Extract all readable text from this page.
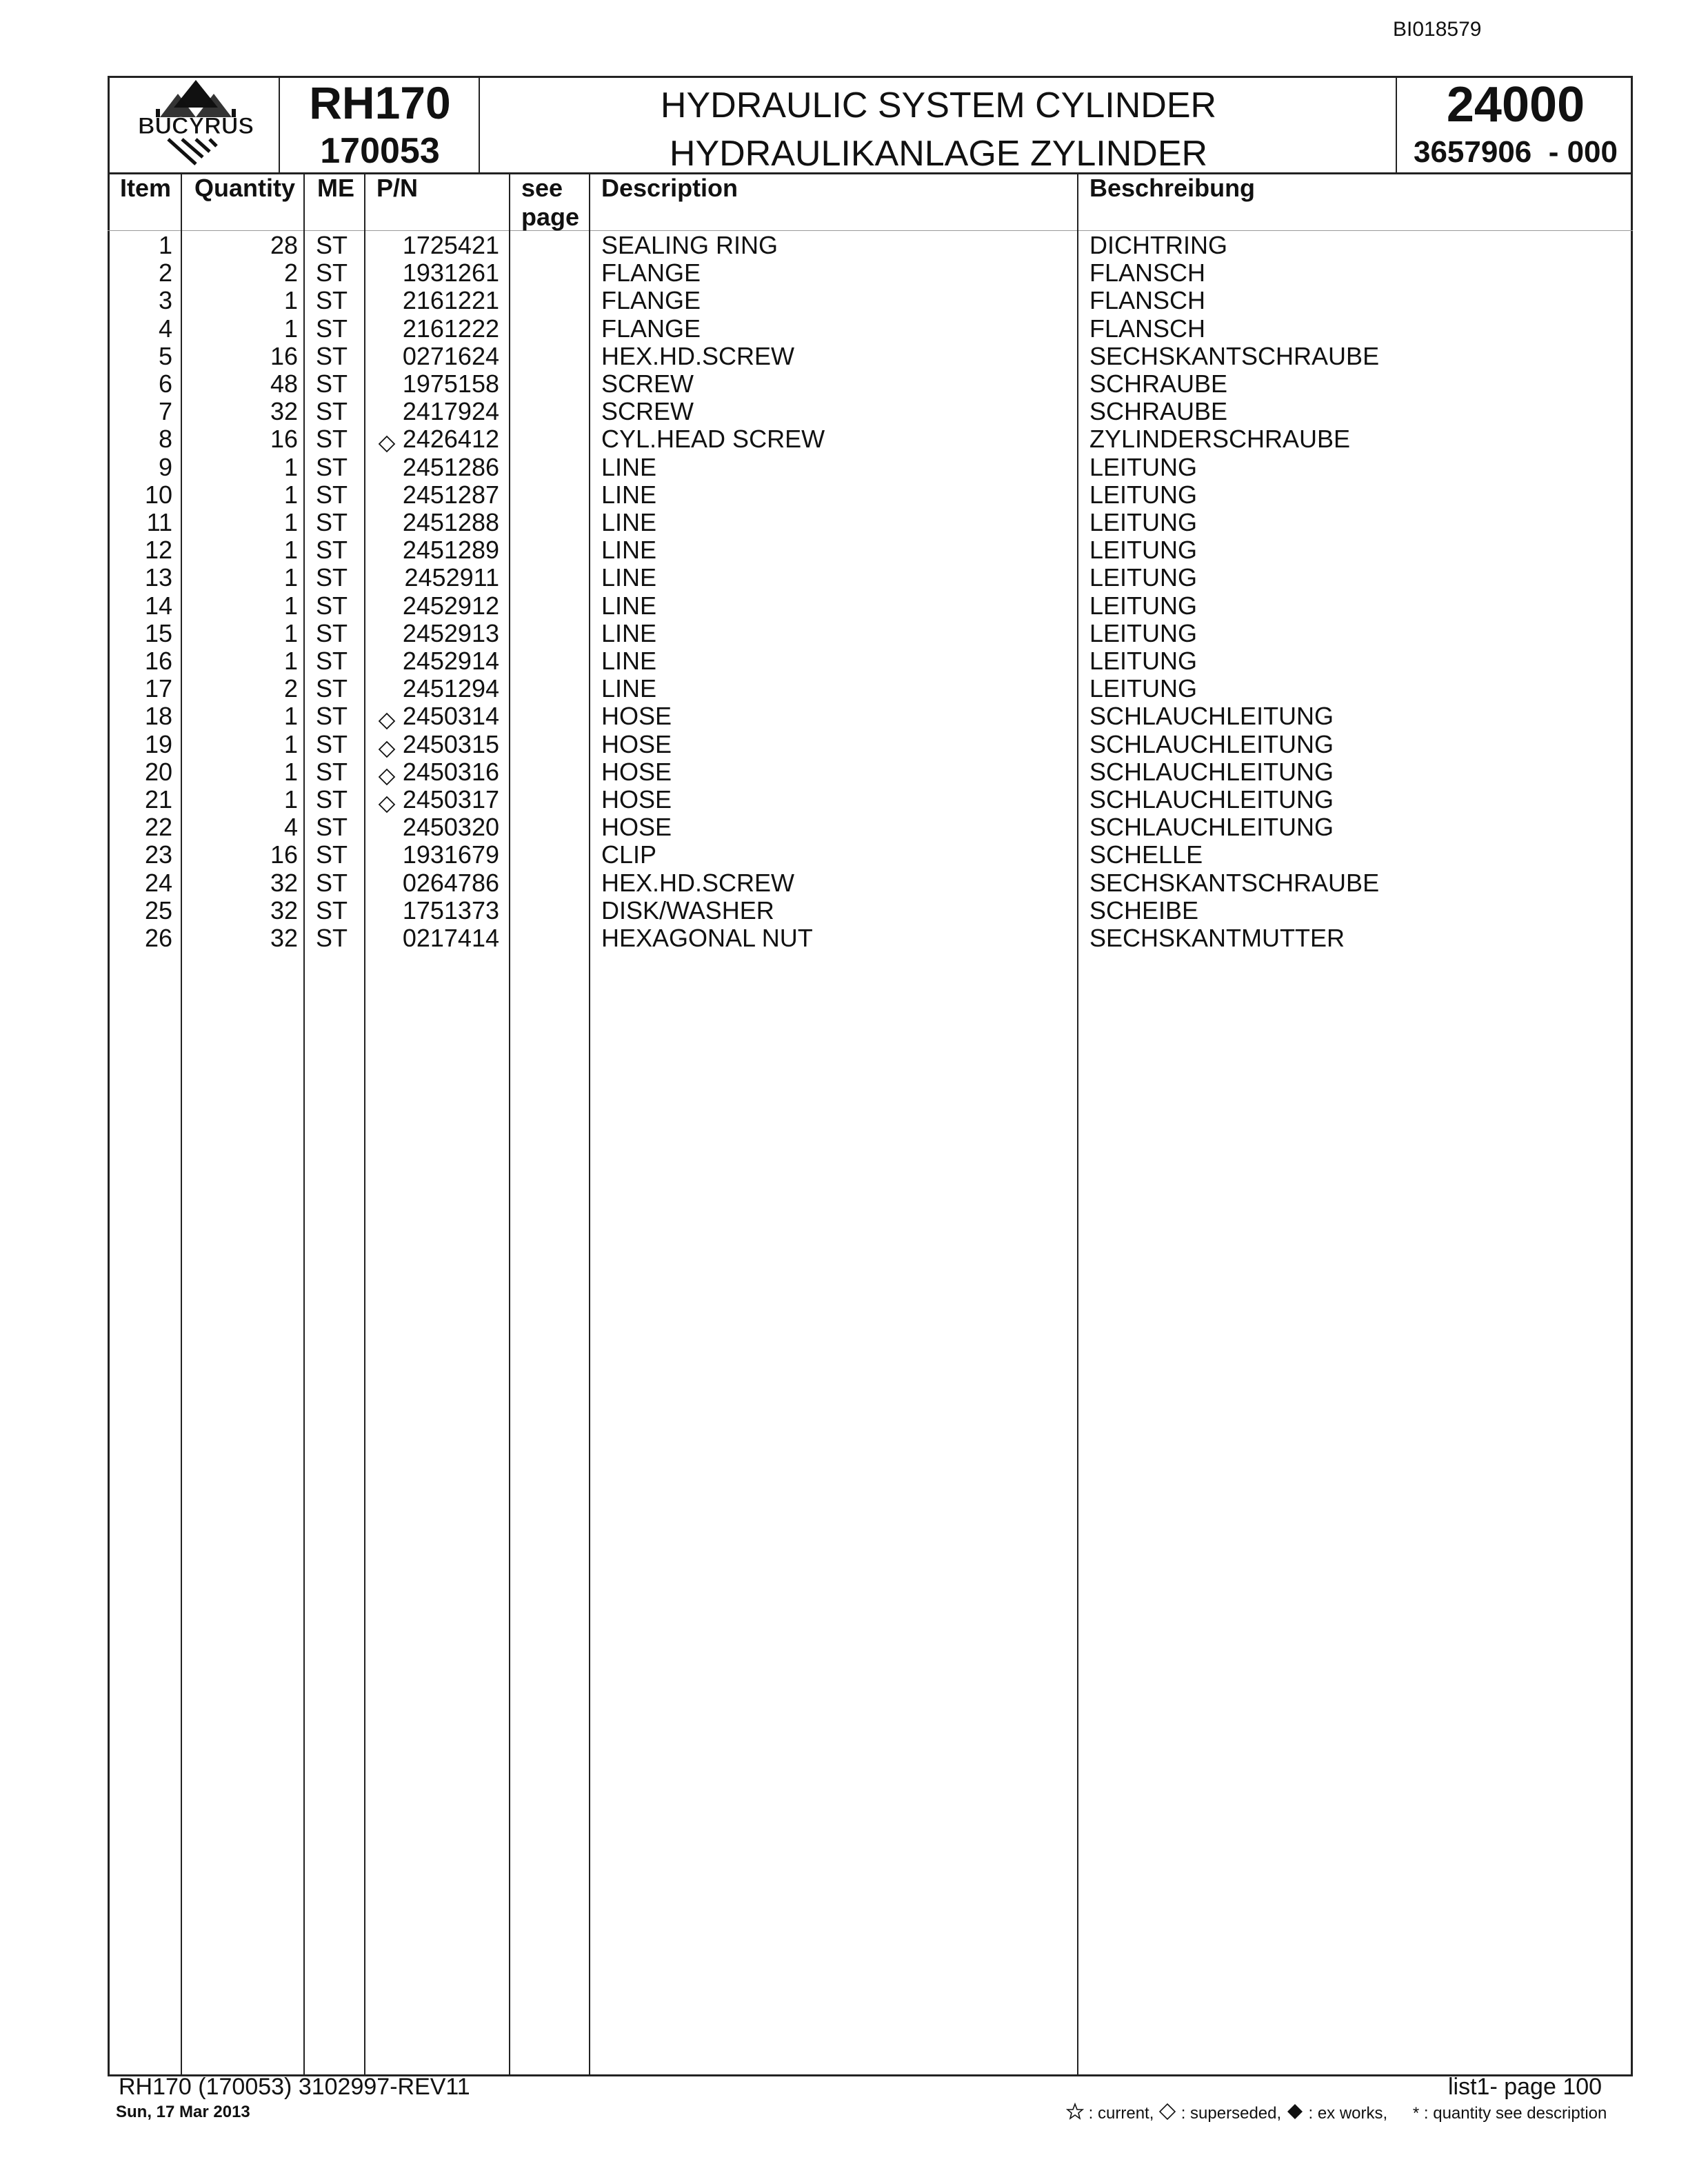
BI018579
BUCYRUS	RH170
170053
HYDRAULIC SYSTEM CYLINDER
HYDRAULIKANLAGE ZYLINDER
24000
3657906  - 000
Item Quantity ME P/N	see
page
Description	Beschreibung
1	28 ST	1725421	SEALING RING	DICHTRING
2	2 ST	1931261	FLANGE	FLANSCH
3	1 ST	2161221	FLANGE	FLANSCH
4	1 ST	2161222	FLANGE	FLANSCH
5	16 ST	0271624	HEX.HD.SCREW	SECHSKANTSCHRAUBE
6	48 ST	1975158	SCREW	SCHRAUBE
7	32 ST	2417924	SCREW	SCHRAUBE
8	16 ST	2426412	CYL.HEAD SCREW	ZYLINDERSCHRAUBE
9	1 ST	2451286	LINE	LEITUNG
10	1 ST	2451287	LINE	LEITUNG
11	1 ST	2451288	LINE	LEITUNG
12	1 ST	2451289	LINE	LEITUNG
13	1 ST	2452911	LINE	LEITUNG
14	1 ST	2452912	LINE	LEITUNG
15	1 ST	2452913	LINE	LEITUNG
16	1 ST	2452914	LINE	LEITUNG
17	2 ST	2451294	LINE	LEITUNG
18	1 ST	2450314	HOSE	SCHLAUCHLEITUNG
19	1 ST	2450315	HOSE	SCHLAUCHLEITUNG
20	1 ST	2450316	HOSE	SCHLAUCHLEITUNG
21	1 ST	2450317	HOSE	SCHLAUCHLEITUNG
22	4 ST	2450320	HOSE	SCHLAUCHLEITUNG
23	16 ST	1931679	CLIP	SCHELLE
24	32 ST	0264786	HEX.HD.SCREW	SECHSKANTSCHRAUBE
25	32 ST	1751373	DISK/WASHER	SCHEIBE
26	32 ST	0217414	HEXAGONAL NUT	SECHSKANTMUTTER
RH170 (170053) 3102997-REV11
Sun, 17 Mar 2013
list1- page 100
: current, : superseded, : ex works, * : quantity see description
